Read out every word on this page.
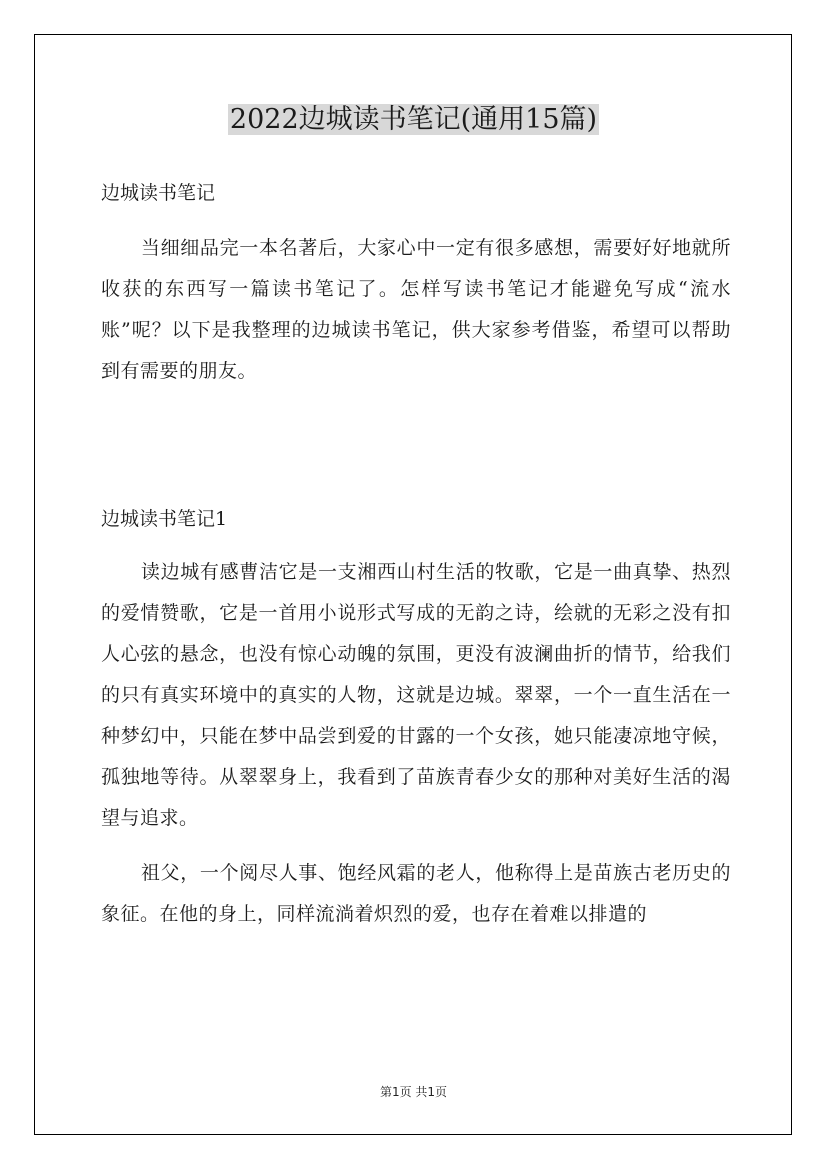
2022边城读书笔记(通用15篇)
边城读书笔记

当细细品完一本名著后，大家心中一定有很多感想，需要好好地就所收获的东西写一篇读书笔记了。怎样写读书笔记才能避免写成“流水账”呢？以下是我整理的边城读书笔记，供大家参考借鉴，希望可以帮助到有需要的朋友。

边城读书笔记1

读边城有感曹洁它是一支湘西山村生活的牧歌，它是一曲真挚、热烈的爱情赞歌，它是一首用小说形式写成的无韵之诗，绘就的无彩之没有扣人心弦的悬念，也没有惊心动魄的氛围，更没有波澜曲折的情节，给我们的只有真实环境中的真实的人物，这就是边城。翠翠，一个一直生活在一种梦幻中，只能在梦中品尝到爱的甘露的一个女孩，她只能凄凉地守候，孤独地等待。从翠翠身上，我看到了苗族青春少女的那种对美好生活的渴望与追求。

祖父，一个阅尽人事、饱经风霜的老人，他称得上是苗族古老历史的象征。在他的身上，同样流淌着炽烈的爱，也存在着难以排遣的

第1页 共1页
